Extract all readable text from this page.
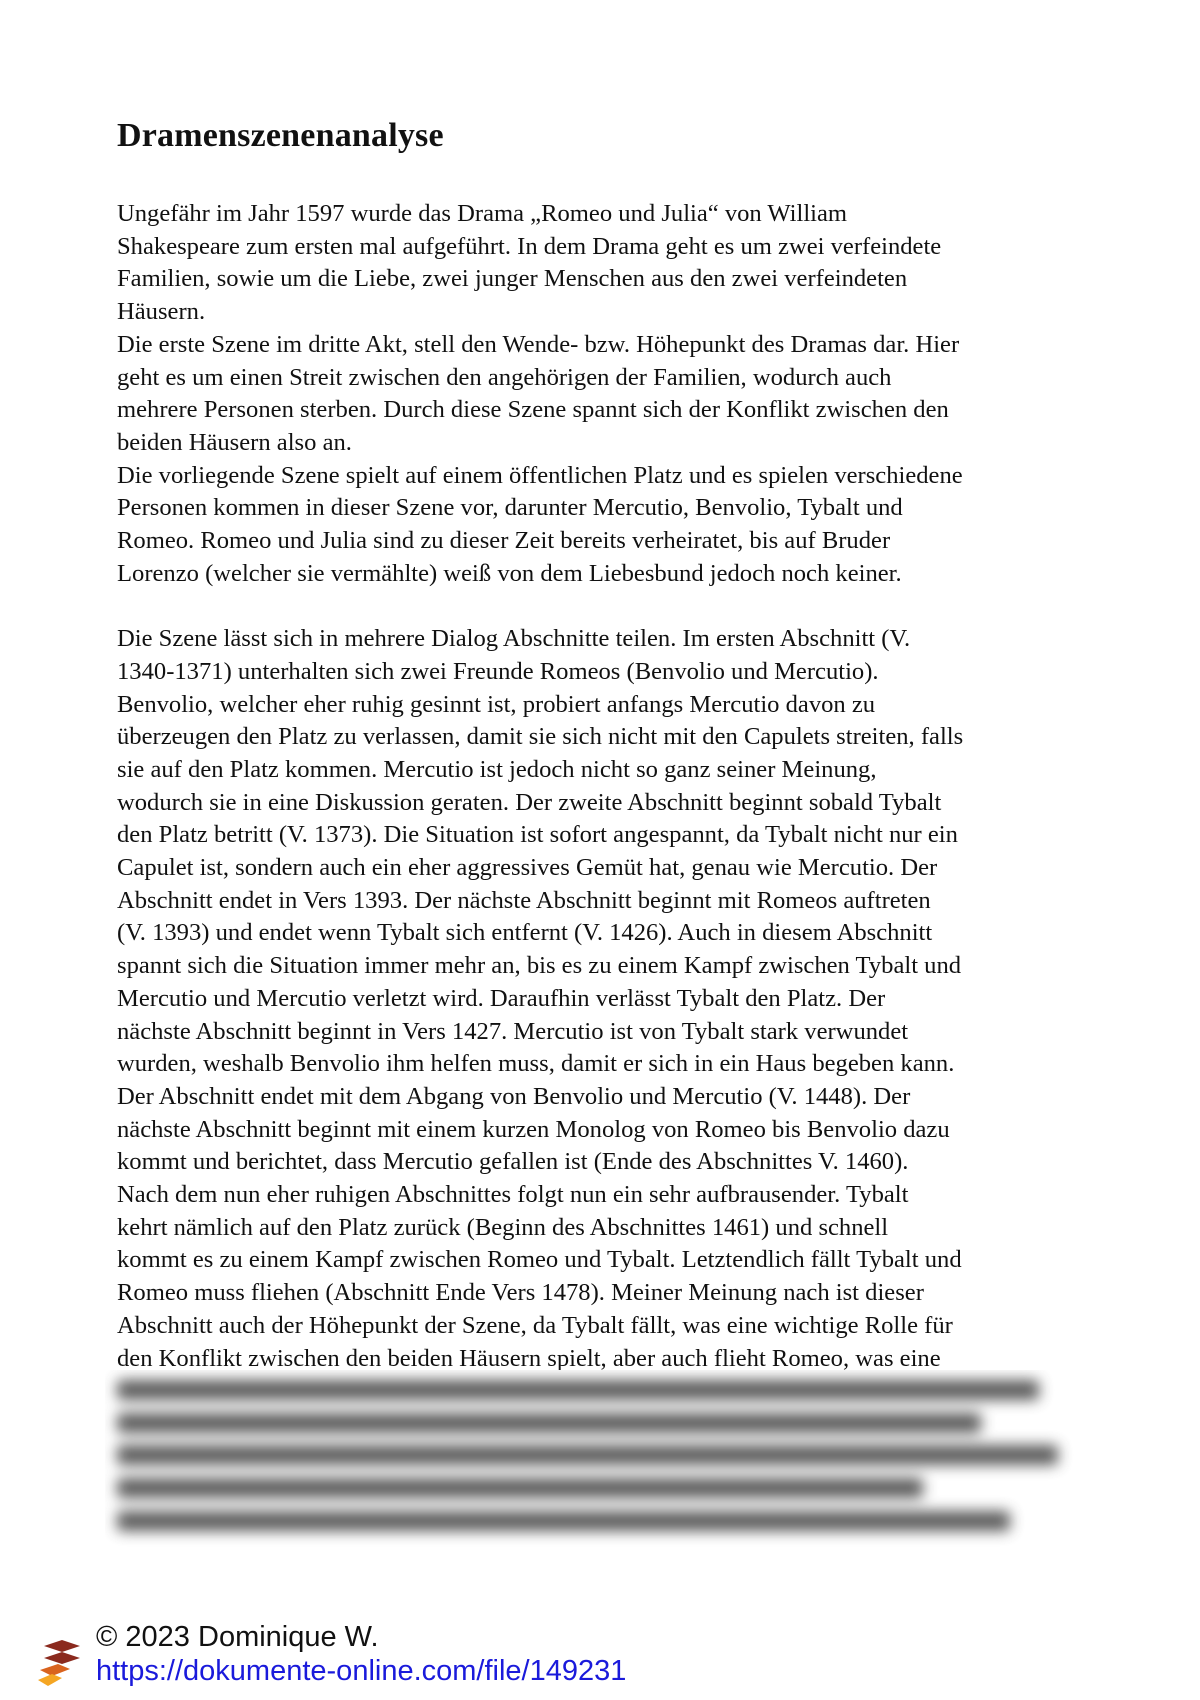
Dramenszenenanalyse

Ungefähr im Jahr 1597 wurde das Drama „Romeo und Julia“ von William

Shakespeare zum ersten mal aufgeführt. In dem Drama geht es um zwei verfeindete

Familien, sowie um die Liebe, zwei junger Menschen aus den zwei verfeindeten

Häusern.

Die erste Szene im dritte Akt, stell den Wende- bzw. Höhepunkt des Dramas dar. Hier

geht es um einen Streit zwischen den angehörigen der Familien, wodurch auch

mehrere Personen sterben. Durch diese Szene spannt sich der Konflikt zwischen den

beiden Häusern also an.

Die vorliegende Szene spielt auf einem öffentlichen Platz und es spielen verschiedene

Personen kommen in dieser Szene vor, darunter Mercutio, Benvolio, Tybalt und

Romeo. Romeo und Julia sind zu dieser Zeit bereits verheiratet, bis auf Bruder

Lorenzo (welcher sie vermählte) weiß von dem Liebesbund jedoch noch keiner.

Die Szene lässt sich in mehrere Dialog Abschnitte teilen. Im ersten Abschnitt (V.

1340-1371) unterhalten sich zwei Freunde Romeos (Benvolio und Mercutio).

Benvolio, welcher eher ruhig gesinnt ist, probiert anfangs Mercutio davon zu

überzeugen den Platz zu verlassen, damit sie sich nicht mit den Capulets streiten, falls

sie auf den Platz kommen. Mercutio ist jedoch nicht so ganz seiner Meinung,

wodurch sie in eine Diskussion geraten. Der zweite Abschnitt beginnt sobald Tybalt

den Platz betritt (V. 1373). Die Situation ist sofort angespannt, da Tybalt nicht nur ein

Capulet ist, sondern auch ein eher aggressives Gemüt hat, genau wie Mercutio. Der

Abschnitt endet in Vers 1393. Der nächste Abschnitt beginnt mit Romeos auftreten

(V. 1393) und endet wenn Tybalt sich entfernt (V. 1426). Auch in diesem Abschnitt

spannt sich die Situation immer mehr an, bis es zu einem Kampf zwischen Tybalt und

Mercutio und Mercutio verletzt wird. Daraufhin verlässt Tybalt den Platz. Der

nächste Abschnitt beginnt in Vers 1427. Mercutio ist von Tybalt stark verwundet

wurden, weshalb Benvolio ihm helfen muss, damit er sich in ein Haus begeben kann.

Der Abschnitt endet mit dem Abgang von Benvolio und Mercutio (V. 1448). Der

nächste Abschnitt beginnt mit einem kurzen Monolog von Romeo bis Benvolio dazu

kommt und berichtet, dass Mercutio gefallen ist (Ende des Abschnittes V. 1460).

Nach dem nun eher ruhigen Abschnittes folgt nun ein sehr aufbrausender. Tybalt

kehrt nämlich auf den Platz zurück (Beginn des Abschnittes 1461) und schnell

kommt es zu einem Kampf zwischen Romeo und Tybalt. Letztendlich fällt Tybalt und

Romeo muss fliehen (Abschnitt Ende Vers 1478). Meiner Meinung nach ist dieser

Abschnitt auch der Höhepunkt der Szene, da Tybalt fällt, was eine wichtige Rolle für

den Konflikt zwischen den beiden Häusern spielt, aber auch flieht Romeo, was eine

© 2023 Dominique W.
https://dokumente-online.com/file/149231
